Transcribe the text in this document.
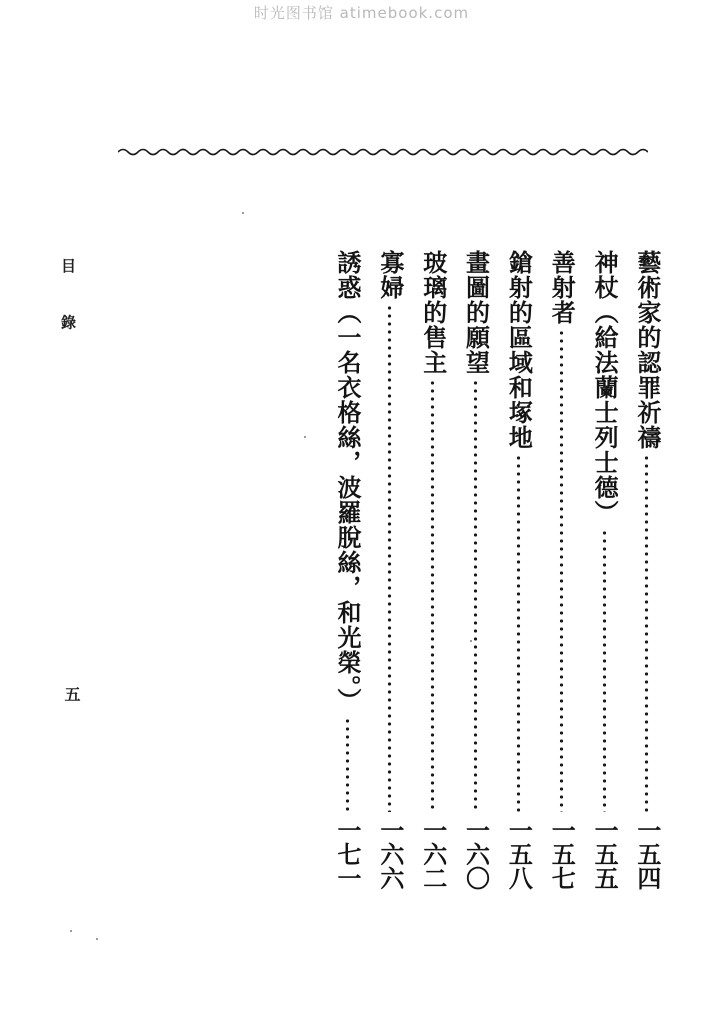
时光图书馆 atimebook.com
目 錄
五
藝術家的認罪祈禱
一五四
神杖（給法蘭士列士德）
一五五
善射者
一五七
鎗射的區域和塚地
一五八
畫圖的願望
一六〇
玻璃的售主
一六二
寡婦
一六六
誘惑（一名衣格絲，波羅脫絲，和光榮。）
一七一
